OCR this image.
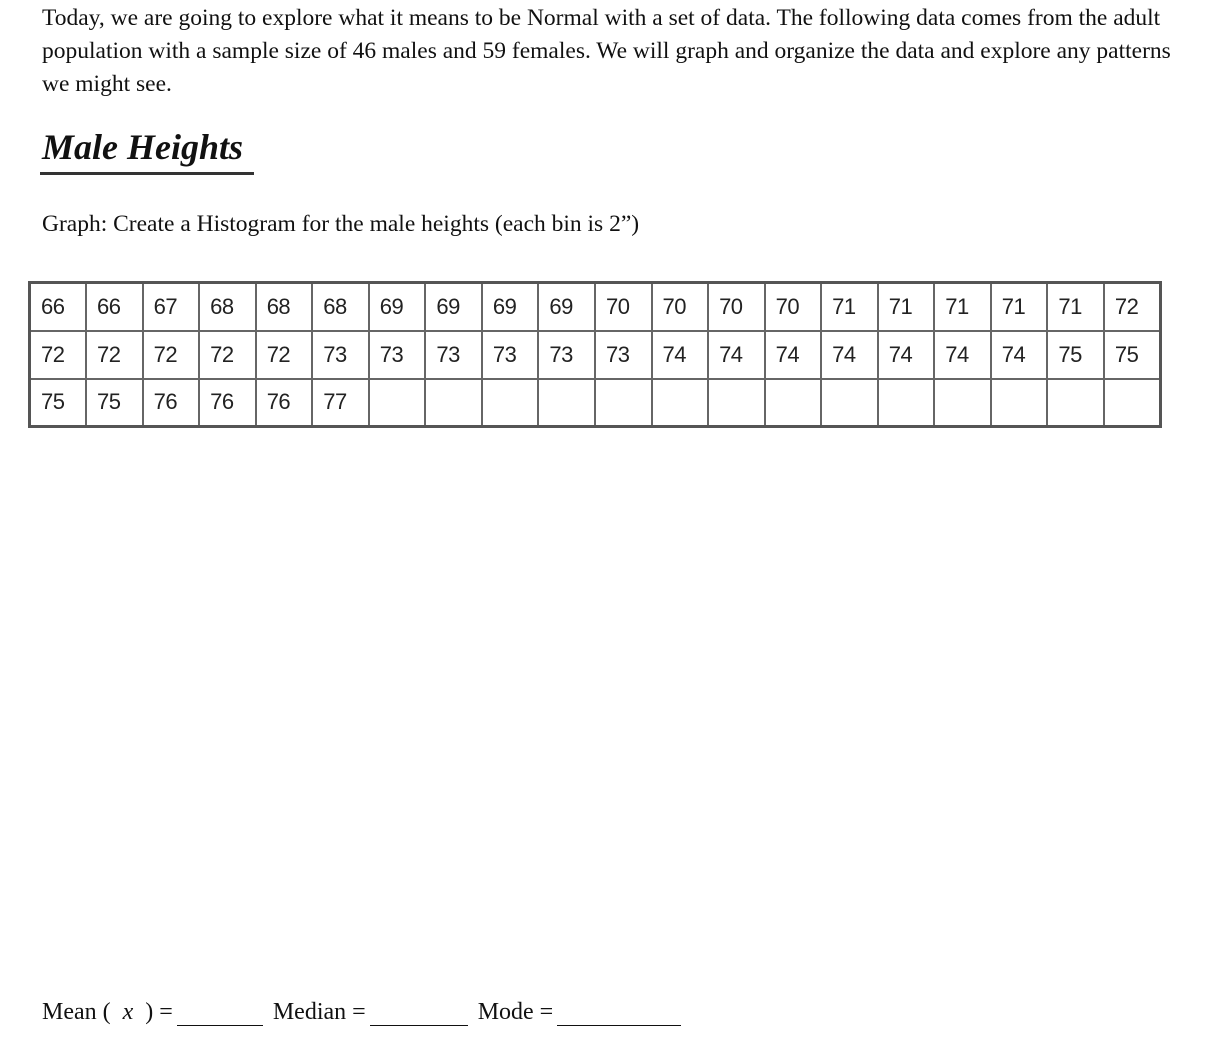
Today, we are going to explore what it means to be Normal with a set of data. The following data comes from the adult population with a sample size of 46 males and 59 females. We will graph and organize the data and explore any patterns we might see.
Male Heights
Graph: Create a Histogram for the male heights (each bin is 2”)
66	66	67	68	68	68	69	69	69	69	70	70	70	70	71	71	71	71	71	72
72	72	72	72	72	73	73	73	73	73	73	74	74	74	74	74	74	74	75	75
75	75	76	76	76	77														
Mean ( x ) =	Median =	Mode =
